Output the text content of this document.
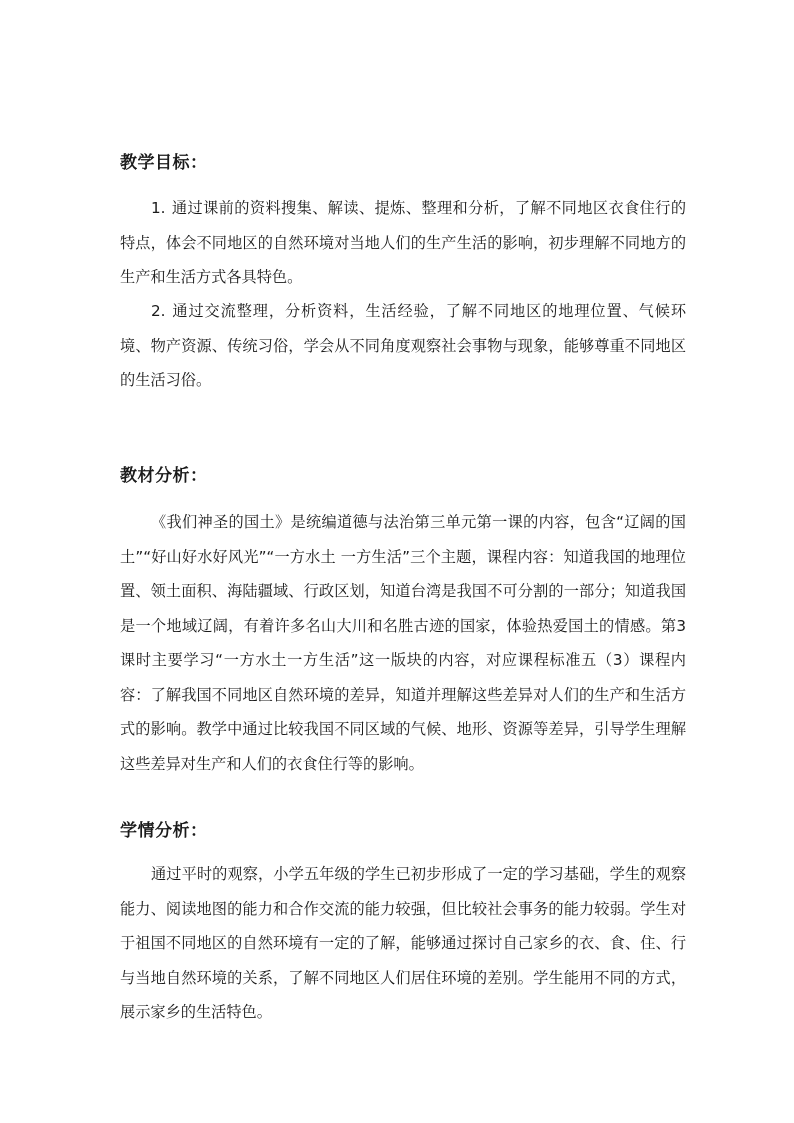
教学目标：

1. 通过课前的资料搜集、解读、提炼、整理和分析，了解不同地区衣食住行的特点，体会不同地区的自然环境对当地人们的生产生活的影响，初步理解不同地方的生产和生活方式各具特色。

2. 通过交流整理，分析资料，生活经验，了解不同地区的地理位置、气候环境、物产资源、传统习俗，学会从不同角度观察社会事物与现象，能够尊重不同地区的生活习俗。

教材分析：

《我们神圣的国土》是统编道德与法治第三单元第一课的内容，包含“辽阔的国土”“好山好水好风光”“一方水土 一方生活”三个主题，课程内容：知道我国的地理位置、领土面积、海陆疆域、行政区划，知道台湾是我国不可分割的一部分；知道我国是一个地域辽阔，有着许多名山大川和名胜古迹的国家，体验热爱国土的情感。第3课时主要学习“一方水土一方生活”这一版块的内容，对应课程标准五（3）课程内容：了解我国不同地区自然环境的差异，知道并理解这些差异对人们的生产和生活方式的影响。教学中通过比较我国不同区域的气候、地形、资源等差异，引导学生理解这些差异对生产和人们的衣食住行等的影响。

学情分析：

通过平时的观察，小学五年级的学生已初步形成了一定的学习基础，学生的观察能力、阅读地图的能力和合作交流的能力较强，但比较社会事务的能力较弱。学生对于祖国不同地区的自然环境有一定的了解，能够通过探讨自己家乡的衣、食、住、行与当地自然环境的关系，了解不同地区人们居住环境的差别。学生能用不同的方式，展示家乡的生活特色。
